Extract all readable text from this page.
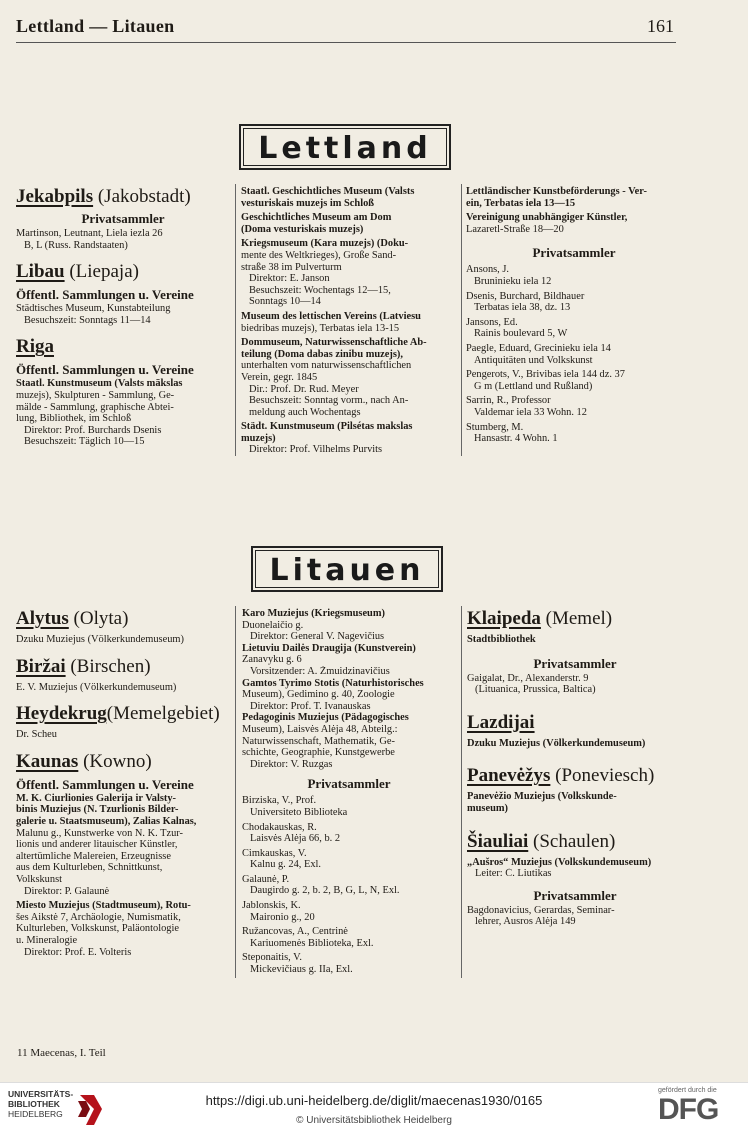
Lettland — Litauen	161
Lettland
Jekabpils (Jakobstadt)
Privatsammler
Martinson, Leutnant, Liela iezla 26
B, L (Russ. Randstaaten)
Libau (Liepaja)
Öffentl. Sammlungen u. Vereine
Städtisches Museum, Kunstabteilung
Besuchszeit: Sonntags 11—14
Riga
Öffentl. Sammlungen u. Vereine
Staatl. Kunstmuseum (Valsts mākslas
muzejs), Skulpturen - Sammlung, Ge-
mälde - Sammlung, graphische Abtei-
lung, Bibliothek, im Schloß
Direktor: Prof. Burchards Dsenis
Besuchszeit: Täglich 10—15
Staatl. Geschichtliches Museum (Valsts
vesturiskais muzejs im Schloß
Geschichtliches Museum am Dom
(Doma vesturiskais muzejs)
Kriegsmuseum (Kara muzejs) (Doku-
mente des Weltkrieges), Große Sand-
straße 38 im Pulverturm
Direktor: E. Janson
Besuchszeit: Wochentags 12—15,
Sonntags 10—14
Museum des lettischen Vereins (Latviesu
biedribas muzejs), Terbatas iela 13-15
Dommuseum, Naturwissenschaftliche Ab-
teilung (Doma dabas zinibu muzejs),
unterhalten vom naturwissenschaftlichen
Verein, gegr. 1845
Dir.: Prof. Dr. Rud. Meyer
Besuchszeit: Sonntag vorm., nach An-
meldung auch Wochentags
Städt. Kunstmuseum (Pilsétas makslas
muzejs)
Direktor: Prof. Vilhelms Purvits
Lettländischer Kunstbeförderungs - Ver-
ein, Terbatas iela 13—15
Vereinigung unabhängiger Künstler,
Lazaretl-Straße 18—20
Privatsammler
Ansons, J.
Bruninieku iela 12
Dsenis, Burchard, Bildhauer
Terbatas iela 38, dz. 13
Jansons, Ed.
Rainis boulevard 5, W
Paegle, Eduard, Grecinieku iela 14
Antiquitäten und Volkskunst
Pengerots, V., Brivibas iela 144 dz. 37
G m (Lettland und Rußland)
Sarrin, R., Professor
Valdemar iela 33 Wohn. 12
Stumberg, M.
Hansastr. 4 Wohn. 1
Litauen
Alytus (Olyta)
Dzuku Muziejus (Völkerkundemuseum)
Biržai (Birschen)
E. V. Muziejus (Völkerkundemuseum)
Heydekrug(Memelgebiet)
Dr. Scheu
Kaunas (Kowno)
Öffentl. Sammlungen u. Vereine
M. K. Čiurlionies Galerija ir Valsty-
binis Muziejus (N. Tzurlionis Bilder-
galerie u. Staatsmuseum), Zalias Kalnas,
Malunu g., Kunstwerke von N. K. Tzur-
lionis und anderer litauischer Künstler,
altertümliche Malereien, Erzeugnisse
aus dem Kulturleben, Schnittkunst,
Volkskunst
Direktor: P. Galaunė
Miesto Muziejus (Stadtmuseum), Rotu-
šes Aikstė 7, Archäologie, Numismatik,
Kulturleben, Volkskunst, Paläontologie
u. Mineralogie
Direktor: Prof. E. Volteris
Karo Muziejus (Kriegsmuseum)
Duonelaičio g.
Direktor: General V. Nagevičius
Lietuviu Dailės Draugija (Kunstverein)
Zanavyku g. 6
Vorsitzender: A. Žmuidzinavičius
Gamtos Tyrimo Stotis (Naturhistorisches
Museum), Gedimino g. 40, Zoologie
Direktor: Prof. T. Ivanauskas
Pedagoginis Muziejus (Pädagogisches
Museum), Laisvės Alėja 48, Abteilg.:
Naturwissenschaft, Mathematik, Ge-
schichte, Geographie, Kunstgewerbe
Direktor: V. Ruzgas
Privatsammler
Birziska, V., Prof.
Universiteto Biblioteka
Chodakauskas, R.
Laisvės Alėja 66, b. 2
Cimkauskas, V.
Kalnu g. 24, Exl.
Galaunė, P.
Daugirdo g. 2, b. 2, B, G, L, N, Exl.
Jablonskis, K.
Maironio g., 20
Ružancovas, A., Centrinė
Kariuomenės Biblioteka, Exl.
Steponaitis, V.
Mickevičiaus g. IIa, Exl.
Klaipeda (Memel)
Stadtbibliothek
Privatsammler
Gaigalat, Dr., Alexanderstr. 9
(Lituanica, Prussica, Baltica)
Lazdijai
Dzuku Muziejus (Völkerkundemuseum)
Panevėžys (Poneviesch)
Panevėžio Muziejus (Volkskunde-
museum)
Šiauliai (Schaulen)
„Aušros“ Muziejus (Volkskundemuseum)
Leiter: Č. Liutikas
Privatsammler
Bagdonavicius, Gerardas, Seminar-
lehrer, Ausros Alėja 149
11 Maecenas, I. Teil
UNIVERSITÄTS-
BIBLIOTHEK
HEIDELBERG
https://digi.ub.uni-heidelberg.de/diglit/maecenas1930/0165
© Universitätsbibliothek Heidelberg
gefördert durch die
DFG
